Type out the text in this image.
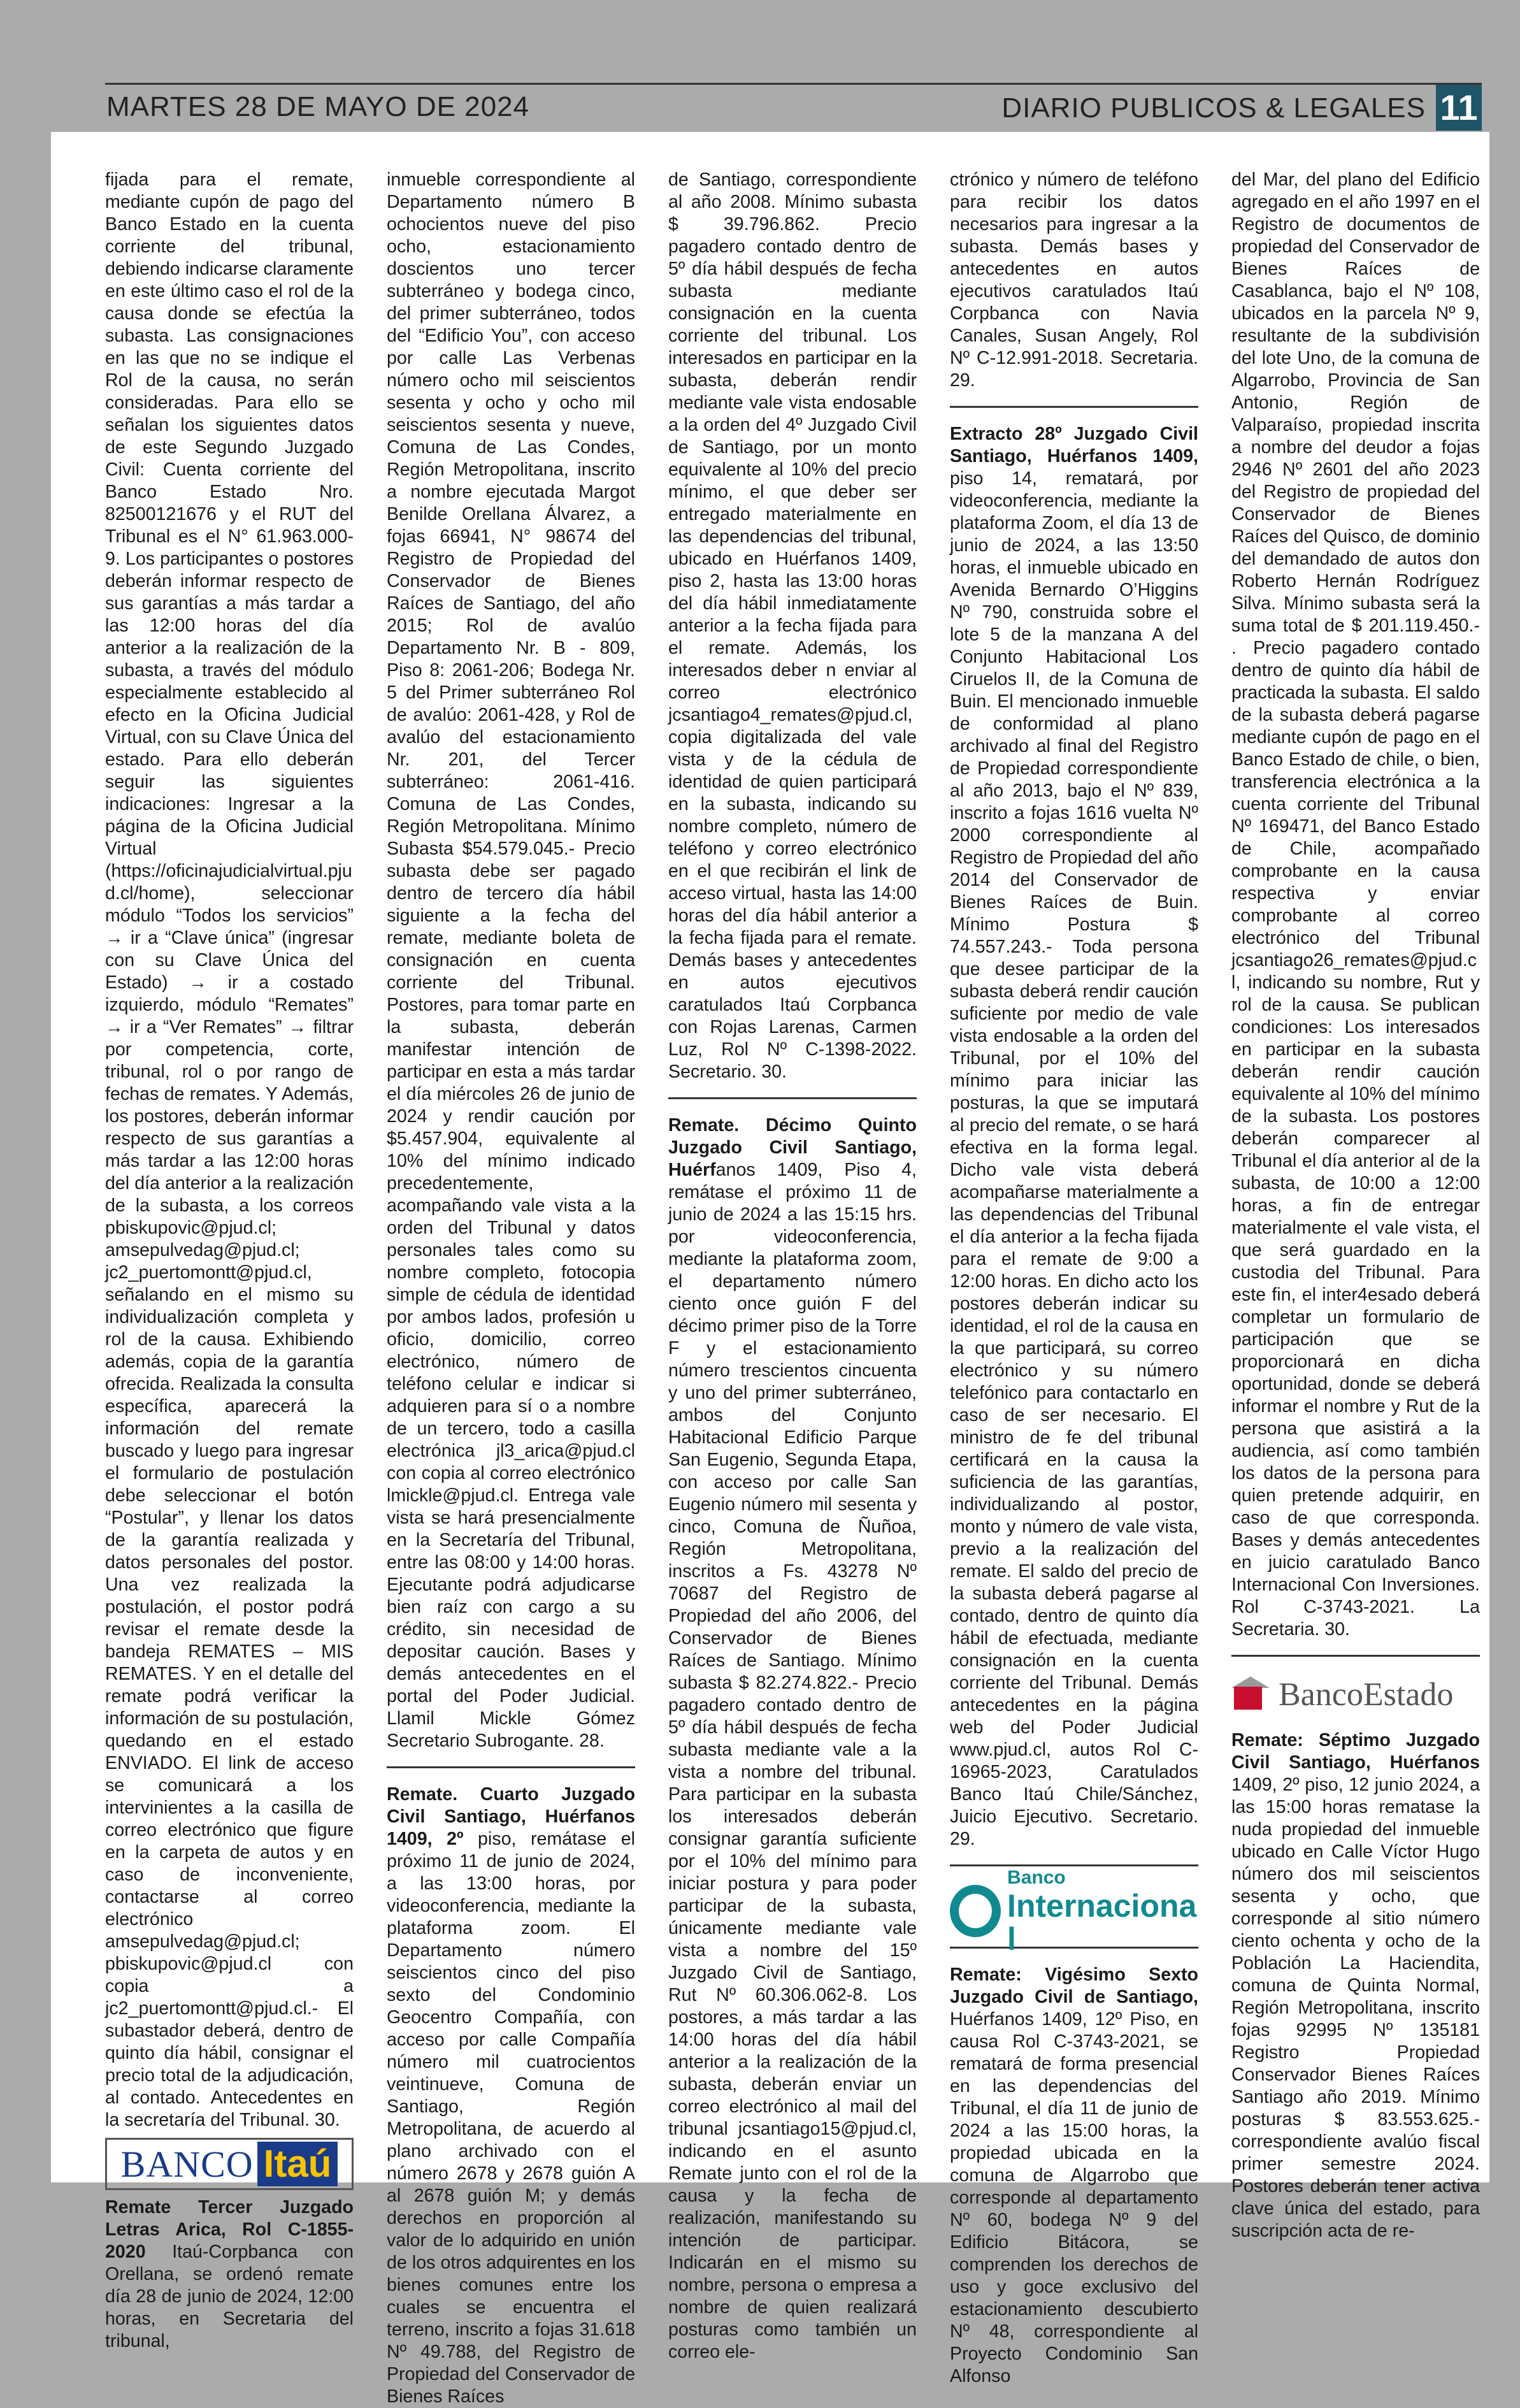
MARTES 28 DE MAYO DE 2024	DIARIO PUBLICOS & LEGALES 11

fijada para el remate, mediante cupón de pago del Banco Estado en la cuenta corriente del tribunal, debiendo indicarse claramente en este último caso el rol de la causa donde se efectúa la subasta. Las consignaciones en las que no se indique el Rol de la causa, no serán consideradas. Para ello se señalan los siguientes datos de este Segundo Juzgado Civil: Cuenta corriente del Banco Estado Nro. 82500121676 y el RUT del Tribunal es el N° 61.963.000-9. Los participantes o postores deberán informar respecto de sus garantías a más tardar a las 12:00 horas del día anterior a la realización de la subasta, a través del módulo especialmente establecido al efecto en la Oficina Judicial Virtual, con su Clave Única del estado. Para ello deberán seguir las siguientes indicaciones: Ingresar a la página de la Oficina Judicial Virtual (https://oficinajudicialvirtual.pjud.cl/home), seleccionar módulo “Todos los servicios” → ir a “Clave única” (ingresar con su Clave Única del Estado) → ir a costado izquierdo, módulo “Remates” → ir a “Ver Remates” → filtrar por competencia, corte, tribunal, rol o por rango de fechas de remates. Y Además, los postores, deberán informar respecto de sus garantías a más tardar a las 12:00 horas del día anterior a la realización de la subasta, a los correos pbiskupovic@pjud.cl; amsepulvedag@pjud.cl; jc2_puertomontt@pjud.cl, señalando en el mismo su individualización completa y rol de la causa. Exhibiendo además, copia de la garantía ofrecida. Realizada la consulta específica, aparecerá la información del remate buscado y luego para ingresar el formulario de postulación debe seleccionar el botón “Postular”, y llenar los datos de la garantía realizada y datos personales del postor. Una vez realizada la postulación, el postor podrá revisar el remate desde la bandeja REMATES – MIS REMATES. Y en el detalle del remate podrá verificar la información de su postulación, quedando en el estado ENVIADO. El link de acceso se comunicará a los intervinientes a la casilla de correo electrónico que figure en la carpeta de autos y en caso de inconveniente, contactarse al correo electrónico amsepulvedag@pjud.cl; pbiskupovic@pjud.cl con copia a jc2_puertomontt@pjud.cl.- El subastador deberá, dentro de quinto día hábil, consignar el precio total de la adjudicación, al contado. Antecedentes en la secretaría del Tribunal. 30.

BANCO Itaú

Remate Tercer Juzgado Letras Arica, Rol C-1855-2020 Itaú-Corpbanca con Orellana, se ordenó remate día 28 de junio de 2024, 12:00 horas, en Secretaria del tribunal,

inmueble correspondiente al Departamento número B ochocientos nueve del piso ocho, estacionamiento doscientos uno tercer subterráneo y bodega cinco, del primer subterráneo, todos del “Edificio You”, con acceso por calle Las Verbenas número ocho mil seiscientos sesenta y ocho y ocho mil seiscientos sesenta y nueve, Comuna de Las Condes, Región Metropolitana, inscrito a nombre ejecutada Margot Benilde Orellana Álvarez, a fojas 66941, N° 98674 del Registro de Propiedad del Conservador de Bienes Raíces de Santiago, del año 2015; Rol de avalúo Departamento Nr. B - 809, Piso 8: 2061-206; Bodega Nr. 5 del Primer subterráneo Rol de avalúo: 2061-428, y Rol de avalúo del estacionamiento Nr. 201, del Tercer subterráneo: 2061-416. Comuna de Las Condes, Región Metropolitana. Mínimo Subasta $54.579.045.- Precio subasta debe ser pagado dentro de tercero día hábil siguiente a la fecha del remate, mediante boleta de consignación en cuenta corriente del Tribunal. Postores, para tomar parte en la subasta, deberán manifestar intención de participar en esta a más tardar el día miércoles 26 de junio de 2024 y rendir caución por $5.457.904, equivalente al 10% del mínimo indicado precedentemente, acompañando vale vista a la orden del Tribunal y datos personales tales como su nombre completo, fotocopia simple de cédula de identidad por ambos lados, profesión u oficio, domicilio, correo electrónico, número de teléfono celular e indicar si adquieren para sí o a nombre de un tercero, todo a casilla electrónica jl3_arica@pjud.cl con copia al correo electrónico lmickle@pjud.cl. Entrega vale vista se hará presencialmente en la Secretaría del Tribunal, entre las 08:00 y 14:00 horas. Ejecutante podrá adjudicarse bien raíz con cargo a su crédito, sin necesidad de depositar caución. Bases y demás antecedentes en el portal del Poder Judicial. Llamil Mickle Gómez Secretario Subrogante. 28.

Remate. Cuarto Juzgado Civil Santiago, Huérfanos 1409, 2º piso, remátase el próximo 11 de junio de 2024, a las 13:00 horas, por videoconferencia, mediante la plataforma zoom. El Departamento número seiscientos cinco del piso sexto del Condominio Geocentro Compañía, con acceso por calle Compañía número mil cuatrocientos veintinueve, Comuna de Santiago, Región Metropolitana, de acuerdo al plano archivado con el número 2678 y 2678 guión A al 2678 guión M; y demás derechos en proporción al valor de lo adquirido en unión de los otros adquirentes en los bienes comunes entre los cuales se encuentra el terreno, inscrito a fojas 31.618 Nº 49.788, del Registro de Propiedad del Conservador de Bienes Raíces

de Santiago, correspondiente al año 2008. Mínimo subasta $ 39.796.862. Precio pagadero contado dentro de 5º día hábil después de fecha subasta mediante consignación en la cuenta corriente del tribunal. Los interesados en participar en la subasta, deberán rendir mediante vale vista endosable a la orden del 4º Juzgado Civil de Santiago, por un monto equivalente al 10% del precio mínimo, el que deber ser entregado materialmente en las dependencias del tribunal, ubicado en Huérfanos 1409, piso 2, hasta las 13:00 horas del día hábil inmediatamente anterior a la fecha fijada para el remate. Además, los interesados deber n enviar al correo electrónico jcsantiago4_remates@pjud.cl, copia digitalizada del vale vista y de la cédula de identidad de quien participará en la subasta, indicando su nombre completo, número de teléfono y correo electrónico en el que recibirán el link de acceso virtual, hasta las 14:00 horas del día hábil anterior a la fecha fijada para el remate. Demás bases y antecedentes en autos ejecutivos caratulados Itaú Corpbanca con Rojas Larenas, Carmen Luz, Rol Nº C-1398-2022. Secretario. 30.

Remate. Décimo Quinto Juzgado Civil Santiago, Huérfanos 1409, Piso 4, remátase el próximo 11 de junio de 2024 a las 15:15 hrs. por videoconferencia, mediante la plataforma zoom, el departamento número ciento once guión F del décimo primer piso de la Torre F y el estacionamiento número trescientos cincuenta y uno del primer subterráneo, ambos del Conjunto Habitacional Edificio Parque San Eugenio, Segunda Etapa, con acceso por calle San Eugenio número mil sesenta y cinco, Comuna de Ñuñoa, Región Metropolitana, inscritos a Fs. 43278 Nº 70687 del Registro de Propiedad del año 2006, del Conservador de Bienes Raíces de Santiago. Mínimo subasta $ 82.274.822.- Precio pagadero contado dentro de 5º día hábil después de fecha subasta mediante vale a la vista a nombre del tribunal. Para participar en la subasta los interesados deberán consignar garantía suficiente por el 10% del mínimo para iniciar postura y para poder participar de la subasta, únicamente mediante vale vista a nombre del 15º Juzgado Civil de Santiago, Rut Nº 60.306.062-8. Los postores, a más tardar a las 14:00 horas del día hábil anterior a la realización de la subasta, deberán enviar un correo electrónico al mail del tribunal jcsantiago15@pjud.cl, indicando en el asunto Remate junto con el rol de la causa y la fecha de realización, manifestando su intención de participar. Indicarán en el mismo su nombre, persona o empresa a nombre de quien realizará posturas como también un correo ele-

ctrónico y número de teléfono para recibir los datos necesarios para ingresar a la subasta. Demás bases y antecedentes en autos ejecutivos caratulados Itaú Corpbanca con Navia Canales, Susan Angely, Rol Nº C-12.991-2018. Secretaria. 29.

Extracto 28º Juzgado Civil Santiago, Huérfanos 1409, piso 14, rematará, por videoconferencia, mediante la plataforma Zoom, el día 13 de junio de 2024, a las 13:50 horas, el inmueble ubicado en Avenida Bernardo O’Higgins Nº 790, construida sobre el lote 5 de la manzana A del Conjunto Habitacional Los Ciruelos II, de la Comuna de Buin. El mencionado inmueble de conformidad al plano archivado al final del Registro de Propiedad correspondiente al año 2013, bajo el Nº 839, inscrito a fojas 1616 vuelta Nº 2000 correspondiente al Registro de Propiedad del año 2014 del Conservador de Bienes Raíces de Buin. Mínimo Postura $ 74.557.243.- Toda persona que desee participar de la subasta deberá rendir caución suficiente por medio de vale vista endosable a la orden del Tribunal, por el 10% del mínimo para iniciar las posturas, la que se imputará al precio del remate, o se hará efectiva en la forma legal. Dicho vale vista deberá acompañarse materialmente a las dependencias del Tribunal el día anterior a la fecha fijada para el remate de 9:00 a 12:00 horas. En dicho acto los postores deberán indicar su identidad, el rol de la causa en la que participará, su correo electrónico y su número telefónico para contactarlo en caso de ser necesario. El ministro de fe del tribunal certificará en la causa la suficiencia de las garantías, individualizando al postor, monto y número de vale vista, previo a la realización del remate. El saldo del precio de la subasta deberá pagarse al contado, dentro de quinto día hábil de efectuada, mediante consignación en la cuenta corriente del Tribunal. Demás antecedentes en la página web del Poder Judicial www.pjud.cl, autos Rol C-16965-2023, Caratulados Banco Itaú Chile/Sánchez, Juicio Ejecutivo. Secretario. 29.

Banco
Internacional

Remate: Vigésimo Sexto Juzgado Civil de Santiago, Huérfanos 1409, 12º Piso, en causa Rol C-3743-2021, se rematará de forma presencial en las dependencias del Tribunal, el día 11 de junio de 2024 a las 15:00 horas, la propiedad ubicada en la comuna de Algarrobo que corresponde al departamento Nº 60, bodega Nº 9 del Edificio Bitácora, se comprenden los derechos de uso y goce exclusivo del estacionamiento descubierto Nº 48, correspondiente al Proyecto Condominio San Alfonso

del Mar, del plano del Edificio agregado en el año 1997 en el Registro de documentos de propiedad del Conservador de Bienes Raíces de Casablanca, bajo el Nº 108, ubicados en la parcela Nº 9, resultante de la subdivisión del lote Uno, de la comuna de Algarrobo, Provincia de San Antonio, Región de Valparaíso, propiedad inscrita a nombre del deudor a fojas 2946 Nº 2601 del año 2023 del Registro de propiedad del Conservador de Bienes Raíces del Quisco, de dominio del demandado de autos don Roberto Hernán Rodríguez Silva. Mínimo subasta será la suma total de $ 201.119.450.- . Precio pagadero contado dentro de quinto día hábil de practicada la subasta. El saldo de la subasta deberá pagarse mediante cupón de pago en el Banco Estado de chile, o bien, transferencia electrónica a la cuenta corriente del Tribunal Nº 169471, del Banco Estado de Chile, acompañado comprobante en la causa respectiva y enviar comprobante al correo electrónico del Tribunal jcsantiago26_remates@pjud.cl, indicando su nombre, Rut y rol de la causa. Se publican condiciones: Los interesados en participar en la subasta deberán rendir caución equivalente al 10% del mínimo de la subasta. Los postores deberán comparecer al Tribunal el día anterior al de la subasta, de 10:00 a 12:00 horas, a fin de entregar materialmente el vale vista, el que será guardado en la custodia del Tribunal. Para este fin, el inter4esado deberá completar un formulario de participación que se proporcionará en dicha oportunidad, donde se deberá informar el nombre y Rut de la persona que asistirá a la audiencia, así como también los datos de la persona para quien pretende adquirir, en caso de que corresponda. Bases y demás antecedentes en juicio caratulado Banco Internacional Con Inversiones. Rol C-3743-2021. La Secretaria. 30.

BancoEstado

Remate: Séptimo Juzgado Civil Santiago, Huérfanos 1409, 2º piso, 12 junio 2024, a las 15:00 horas rematase la nuda propiedad del inmueble ubicado en Calle Víctor Hugo número dos mil seiscientos sesenta y ocho, que corresponde al sitio número ciento ochenta y ocho de la Población La Haciendita, comuna de Quinta Normal, Región Metropolitana, inscrito fojas 92995 Nº 135181 Registro Propiedad Conservador Bienes Raíces Santiago año 2019. Mínimo posturas $ 83.553.625.- correspondiente avalúo fiscal primer semestre 2024. Postores deberán tener activa clave única del estado, para suscripción acta de re-
